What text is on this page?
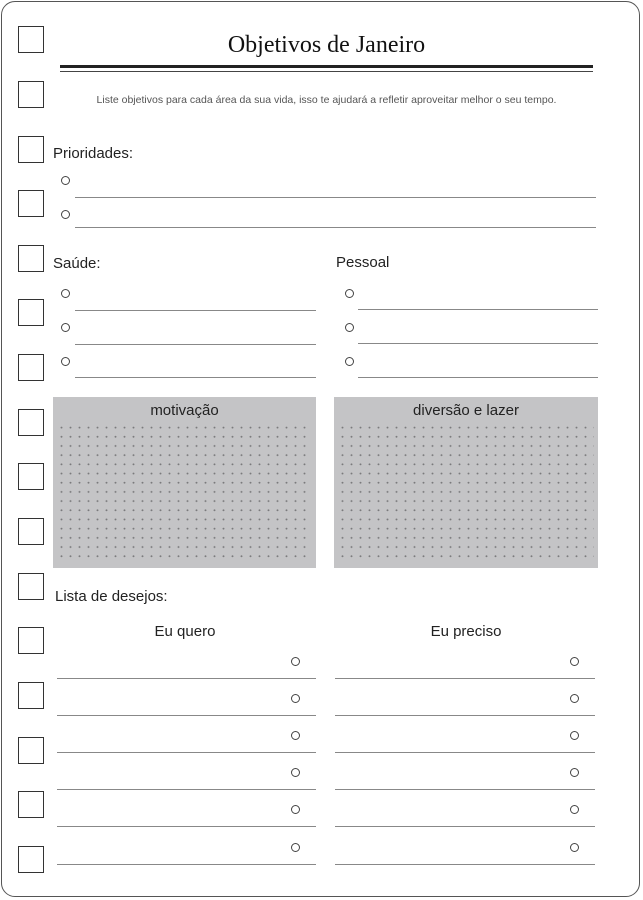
Objetivos de Janeiro
Liste objetivos para cada área da sua vida, isso te ajudará a refletir aproveitar melhor o seu tempo.
Prioridades:
Saúde:	Pessoal
motivação	diversão e lazer
Lista de desejos:
Eu quero	Eu preciso
